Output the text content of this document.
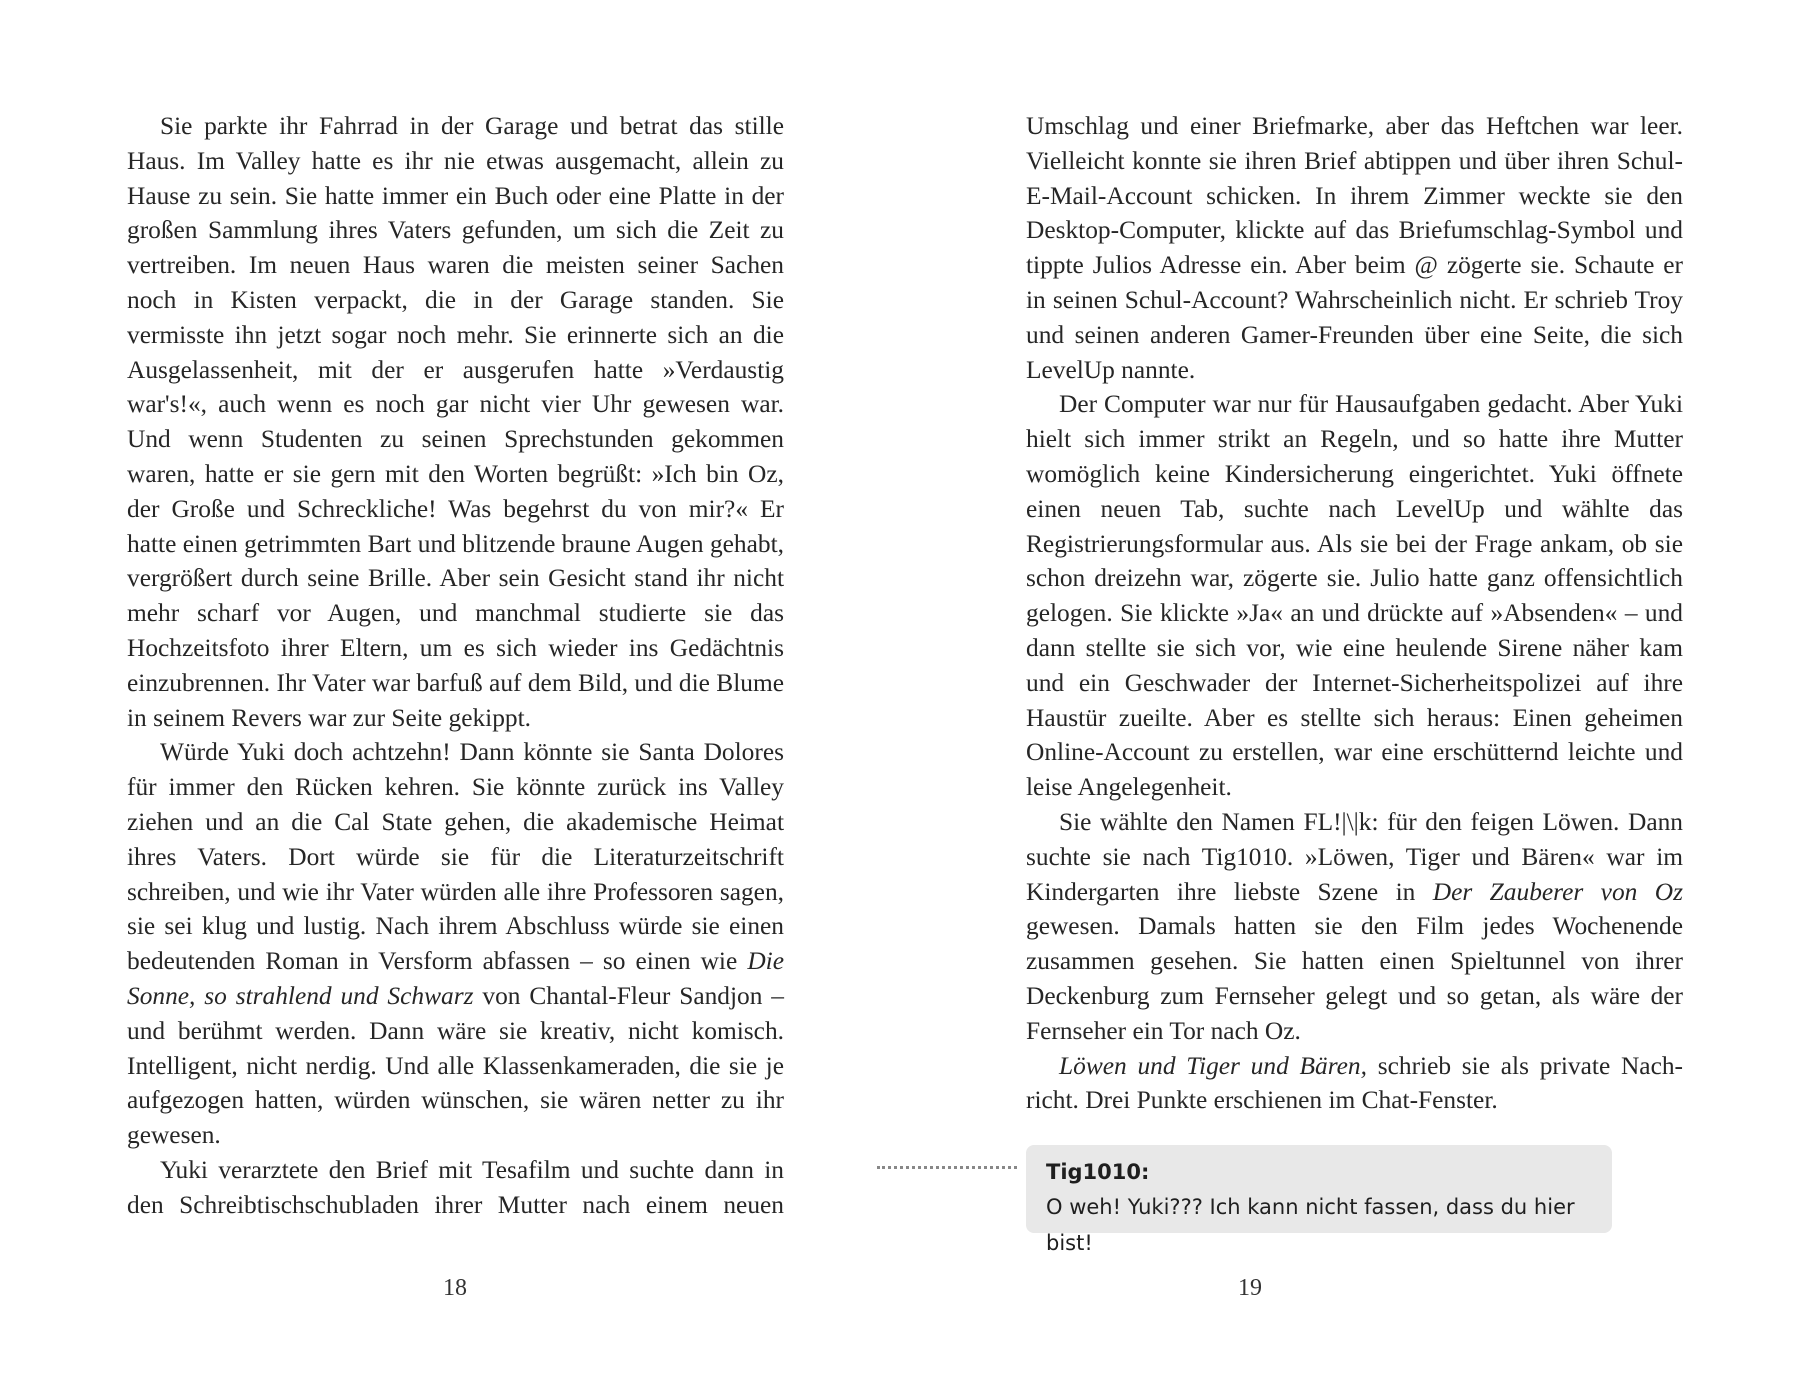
Sie parkte ihr Fahrrad in der Garage und betrat das stille Haus. Im Valley hatte es ihr nie etwas ausgemacht, allein zu Hause zu sein. Sie hatte immer ein Buch oder eine Platte in der großen Sammlung ihres Vaters gefunden, um sich die Zeit zu vertreiben. Im neuen Haus waren die meisten seiner Sachen noch in Kisten verpackt, die in der Garage standen. Sie vermisste ihn jetzt sogar noch mehr. Sie erinnerte sich an die Ausgelassenheit, mit der er ausgerufen hatte »Verdaustig war's!«, auch wenn es noch gar nicht vier Uhr gewesen war. Und wenn Studenten zu seinen Sprechstunden gekommen waren, hatte er sie gern mit den Worten begrüßt: »Ich bin Oz, der Große und Schreckliche! Was begehrst du von mir?« Er hatte einen getrimmten Bart und blitzende braune Augen gehabt, vergrößert durch seine Brille. Aber sein Gesicht stand ihr nicht mehr scharf vor Augen, und manchmal studierte sie das Hochzeitsfoto ihrer Eltern, um es sich wieder ins Gedächtnis einzubrennen. Ihr Vater war barfuß auf dem Bild, und die Blume in seinem Revers war zur Seite gekippt.

Würde Yuki doch achtzehn! Dann könnte sie Santa Dolores für immer den Rücken kehren. Sie könnte zurück ins Valley ziehen und an die Cal State gehen, die akademische Heimat ihres Vaters. Dort würde sie für die Literaturzeitschrift schreiben, und wie ihr Vater würden alle ihre Professoren sagen, sie sei klug und lustig. Nach ihrem Abschluss würde sie einen bedeutenden Roman in Versform abfassen – so einen wie Die Sonne, so strahlend und Schwarz von Chantal-Fleur Sandjon – und berühmt werden. Dann wäre sie kreativ, nicht komisch. Intelligent, nicht nerdig. Und alle Klassenkameraden, die sie je aufgezogen hatten, würden wünschen, sie wären netter zu ihr gewesen.

Yuki verarztete den Brief mit Tesafilm und suchte dann in den Schreibtischschubladen ihrer Mutter nach einem neuen

18

Umschlag und einer Briefmarke, aber das Heftchen war leer. Vielleicht konnte sie ihren Brief abtippen und über ihren Schul-E-Mail-Account schicken. In ihrem Zimmer weckte sie den Desktop-Computer, klickte auf das Briefumschlag-Symbol und tippte Julios Adresse ein. Aber beim @ zögerte sie. Schaute er in seinen Schul-Account? Wahrscheinlich nicht. Er schrieb Troy und seinen anderen Gamer-Freunden über eine Seite, die sich LevelUp nannte.

Der Computer war nur für Hausaufgaben gedacht. Aber Yuki hielt sich immer strikt an Regeln, und so hatte ihre Mutter womöglich keine Kindersicherung eingerichtet. Yuki öffnete einen neuen Tab, suchte nach LevelUp und wählte das Registrierungsformular aus. Als sie bei der Frage ankam, ob sie schon dreizehn war, zögerte sie. Julio hatte ganz offensichtlich gelogen. Sie klickte »Ja« an und drückte auf »Absenden« – und dann stellte sie sich vor, wie eine heulende Sirene näher kam und ein Geschwader der Internet-Sicherheitspolizei auf ihre Haustür zueilte. Aber es stellte sich heraus: Einen geheimen Online-Account zu erstellen, war eine erschütternd leichte und leise Angelegenheit.

Sie wählte den Namen FL!|\|k: für den feigen Löwen. Dann suchte sie nach Tig1010. »Löwen, Tiger und Bären« war im Kindergarten ihre liebste Szene in Der Zauberer von Oz gewesen. Damals hatten sie den Film jedes Wochenende zusammen gesehen. Sie hatten einen Spieltunnel von ihrer Deckenburg zum Fernseher gelegt und so getan, als wäre der Fernseher ein Tor nach Oz.

Löwen und Tiger und Bären, schrieb sie als private Nachricht. Drei Punkte erschienen im Chat-Fenster.

Tig1010:
O weh! Yuki??? Ich kann nicht fassen, dass du hier bist!
19
